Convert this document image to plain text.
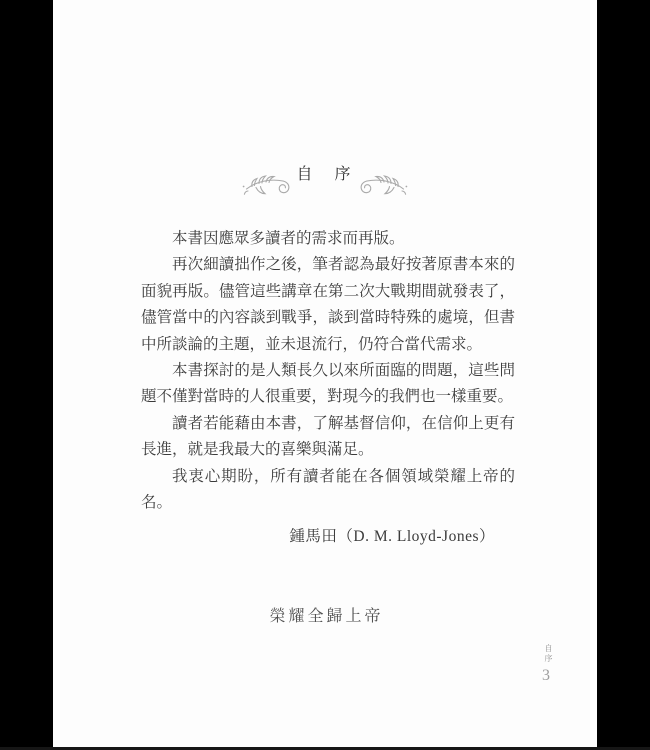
自　序

本書因應眾多讀者的需求而再版。

再次細讀拙作之後，筆者認為最好按著原書本來的面貌再版。儘管這些講章在第二次大戰期間就發表了，儘管當中的內容談到戰爭，談到當時特殊的處境，但書中所談論的主題，並未退流行，仍符合當代需求。

本書探討的是人類長久以來所面臨的問題，這些問題不僅對當時的人很重要，對現今的我們也一樣重要。

讀者若能藉由本書，了解基督信仰，在信仰上更有長進，就是我最大的喜樂與滿足。

我衷心期盼，所有讀者能在各個領域榮耀上帝的名。

鍾馬田（D. M. Lloyd-Jones）
榮耀全歸上帝
自序
3
